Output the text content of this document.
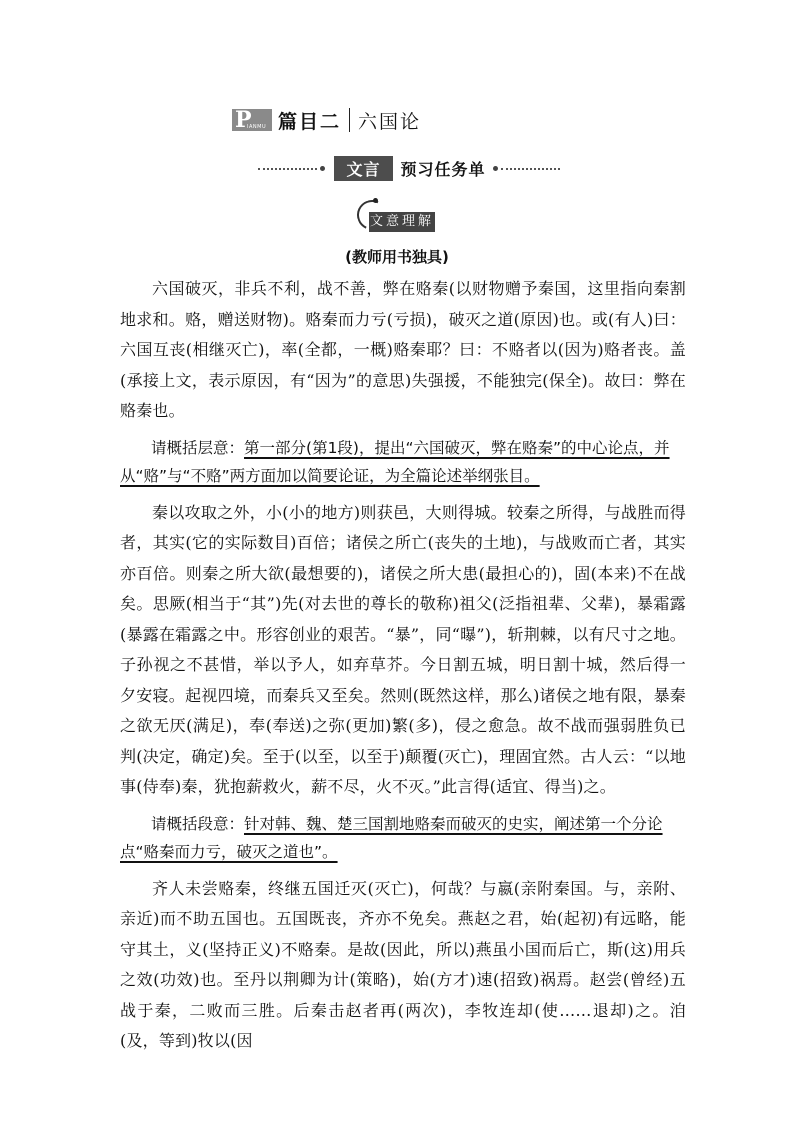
P
IANMU 篇目二 六国论
文言	预习任务单
文意理解
(教师用书独具)

六国破灭，非兵不利，战不善，弊在赂秦(以财物赠予秦国，这里指向秦割地求和。赂，赠送财物)。赂秦而力亏(亏损)，破灭之道(原因)也。或(有人)曰：六国互丧(相继灭亡)，率(全都，一概)赂秦耶？曰：不赂者以(因为)赂者丧。盖(承接上文，表示原因，有“因为”的意思)失强援，不能独完(保全)。故曰：弊在赂秦也。

请概括层意：第一部分(第1段)，提出“六国破灭，弊在赂秦”的中心论点，并从“赂”与“不赂”两方面加以简要论证，为全篇论述举纲张目。

秦以攻取之外，小(小的地方)则获邑，大则得城。较秦之所得，与战胜而得者，其实(它的实际数目)百倍；诸侯之所亡(丧失的土地)，与战败而亡者，其实亦百倍。则秦之所大欲(最想要的)，诸侯之所大患(最担心的)，固(本来)不在战矣。思厥(相当于“其”)先(对去世的尊长的敬称)祖父(泛指祖辈、父辈)，暴霜露(暴露在霜露之中。形容创业的艰苦。“暴”，同“曝”)，斩荆棘，以有尺寸之地。子孙视之不甚惜，举以予人，如弃草芥。今日割五城，明日割十城，然后得一夕安寝。起视四境，而秦兵又至矣。然则(既然这样，那么)诸侯之地有限，暴秦之欲无厌(满足)，奉(奉送)之弥(更加)繁(多)，侵之愈急。故不战而强弱胜负已判(决定，确定)矣。至于(以至，以至于)颠覆(灭亡)，理固宜然。古人云：“以地事(侍奉)秦，犹抱薪救火，薪不尽，火不灭。”此言得(适宜、得当)之。

请概括段意：针对韩、魏、楚三国割地赂秦而破灭的史实，阐述第一个分论点“赂秦而力亏，破灭之道也”。

齐人未尝赂秦，终继五国迁灭(灭亡)，何哉？与嬴(亲附秦国。与，亲附、亲近)而不助五国也。五国既丧，齐亦不免矣。燕赵之君，始(起初)有远略，能守其土，义(坚持正义)不赂秦。是故(因此，所以)燕虽小国而后亡，斯(这)用兵之效(功效)也。至丹以荆卿为计(策略)，始(方才)速(招致)祸焉。赵尝(曾经)五战于秦，二败而三胜。后秦击赵者再(两次)，李牧连却(使……退却)之。洎(及，等到)牧以(因
